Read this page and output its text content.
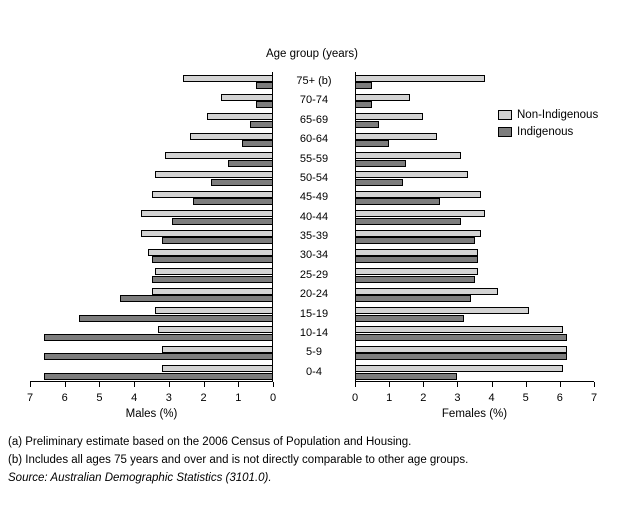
Age group (years)
0
1
2
3
4
5
6
7
0-4
5-9
10-14
15-19
20-24
25-29
30-34
35-39
40-44
45-49
50-54
55-59
60-64
65-69
70-74
75+ (b)
0	1	2	3	4	5	6	7
Males (%)	Females (%)
Non-Indigenous
Indigenous
(a) Preliminary estimate based on the 2006 Census of Population and Housing.
(b) Includes all ages 75 years and over and is not directly comparable to other age groups.
Source: Australian Demographic Statistics (3101.0).
